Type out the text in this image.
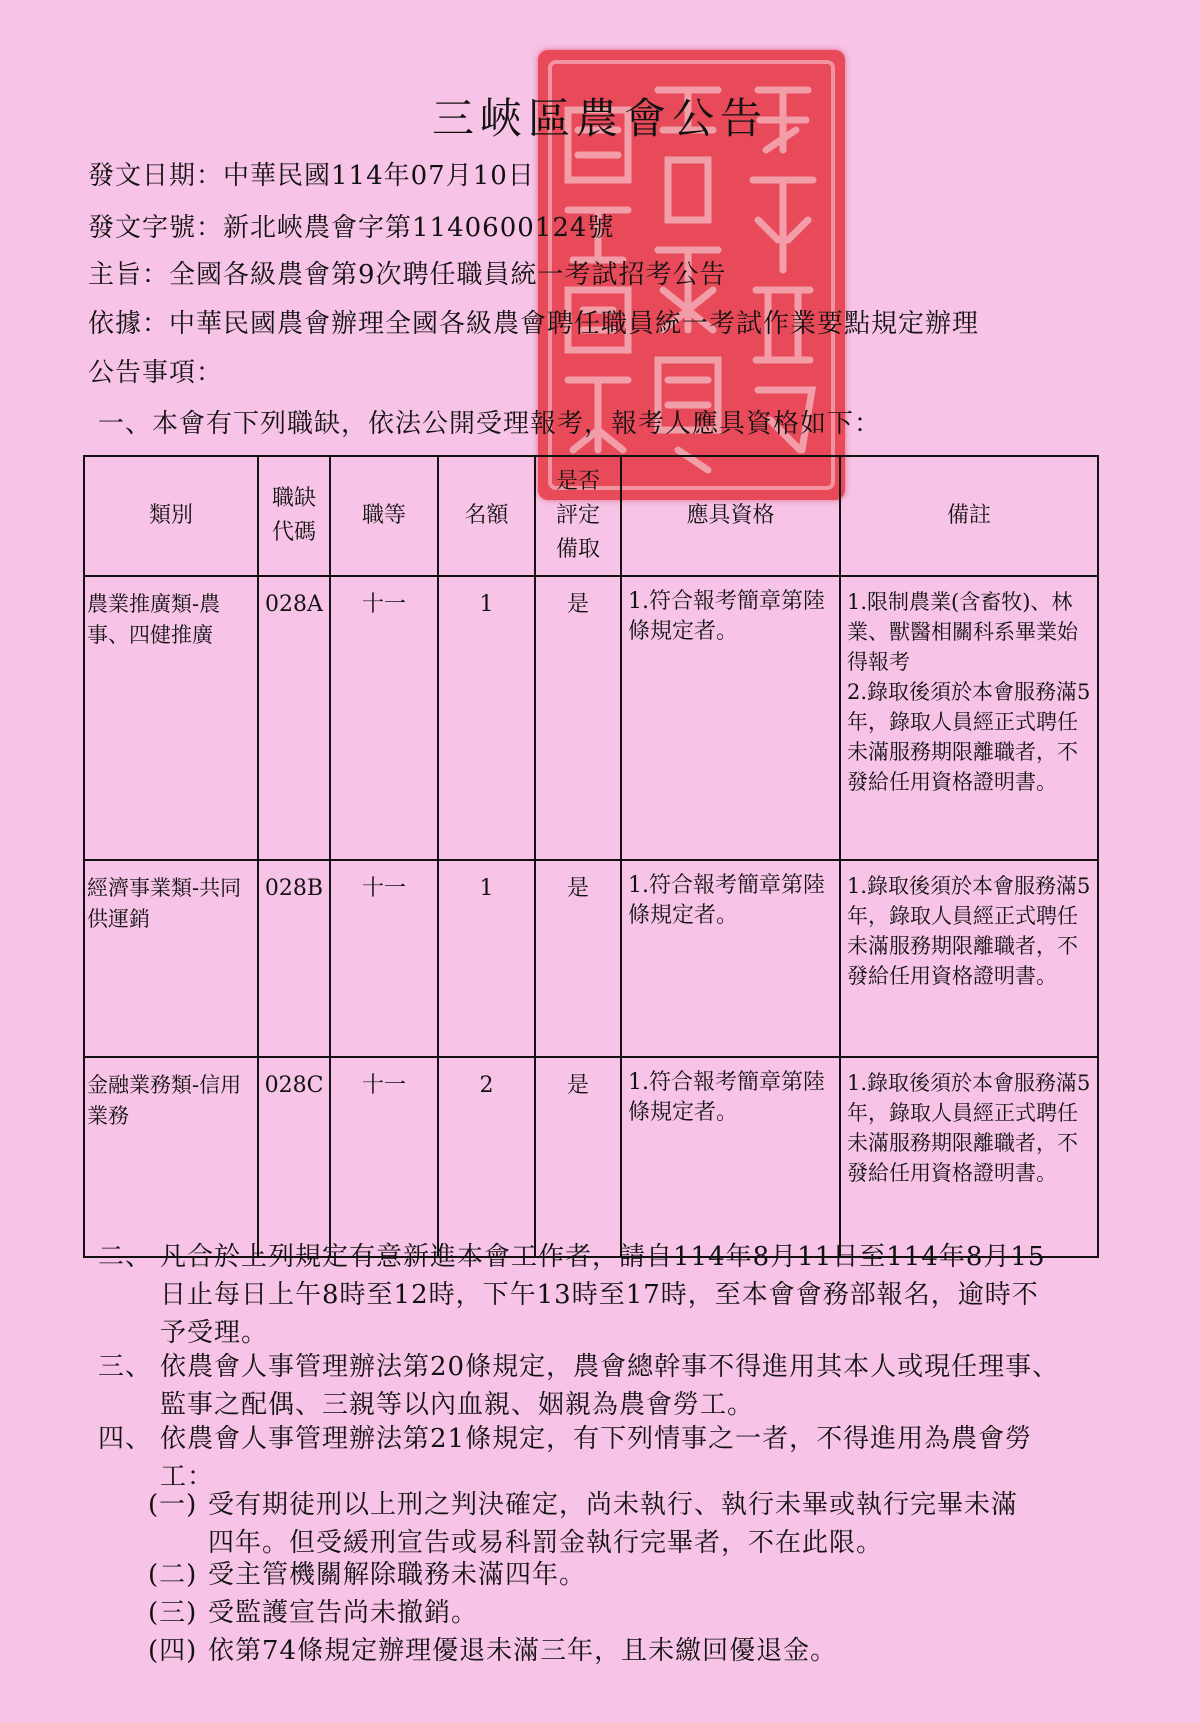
三峽區農會公告
發文日期：中華民國114年07月10日
發文字號：新北峽農會字第1140600124號
主旨：全國各級農會第9次聘任職員統一考試招考公告
依據：中華民國農會辦理全國各級農會聘任職員統一考試作業要點規定辦理
公告事項：
一、本會有下列職缺，依法公開受理報考，報考人應具資格如下：
類別	職缺代碼	職等	名額	是否評定備取	應具資格	備註
農業推廣類-農事、四健推廣	028A	十一	1	是	1.符合報考簡章第陸條規定者。	1.限制農業(含畜牧)、林業、獸醫相關科系畢業始得報考
2.錄取後須於本會服務滿5年，錄取人員經正式聘任未滿服務期限離職者，不發給任用資格證明書。

經濟事業類-共同供運銷	028B	十一	1	是	1.符合報考簡章第陸條規定者。	1.錄取後須於本會服務滿5年，錄取人員經正式聘任未滿服務期限離職者，不發給任用資格證明書。

金融業務類-信用業務	028C	十一	2	是	1.符合報考簡章第陸條規定者。	1.錄取後須於本會服務滿5年，錄取人員經正式聘任未滿服務期限離職者，不發給任用資格證明書。
二、 凡合於上列規定有意新進本會工作者，請自114年8月11日至114年8月15日止每日上午8時至12時，下午13時至17時，至本會會務部報名，逾時不予受理。
三、 依農會人事管理辦法第20條規定，農會總幹事不得進用其本人或現任理事、監事之配偶、三親等以內血親、姻親為農會勞工。
四、 依農會人事管理辦法第21條規定，有下列情事之一者，不得進用為農會勞工：
(一) 受有期徒刑以上刑之判決確定，尚未執行、執行未畢或執行完畢未滿四年。但受緩刑宣告或易科罰金執行完畢者，不在此限。
(二) 受主管機關解除職務未滿四年。
(三) 受監護宣告尚未撤銷。
(四) 依第74條規定辦理優退未滿三年，且未繳回優退金。
